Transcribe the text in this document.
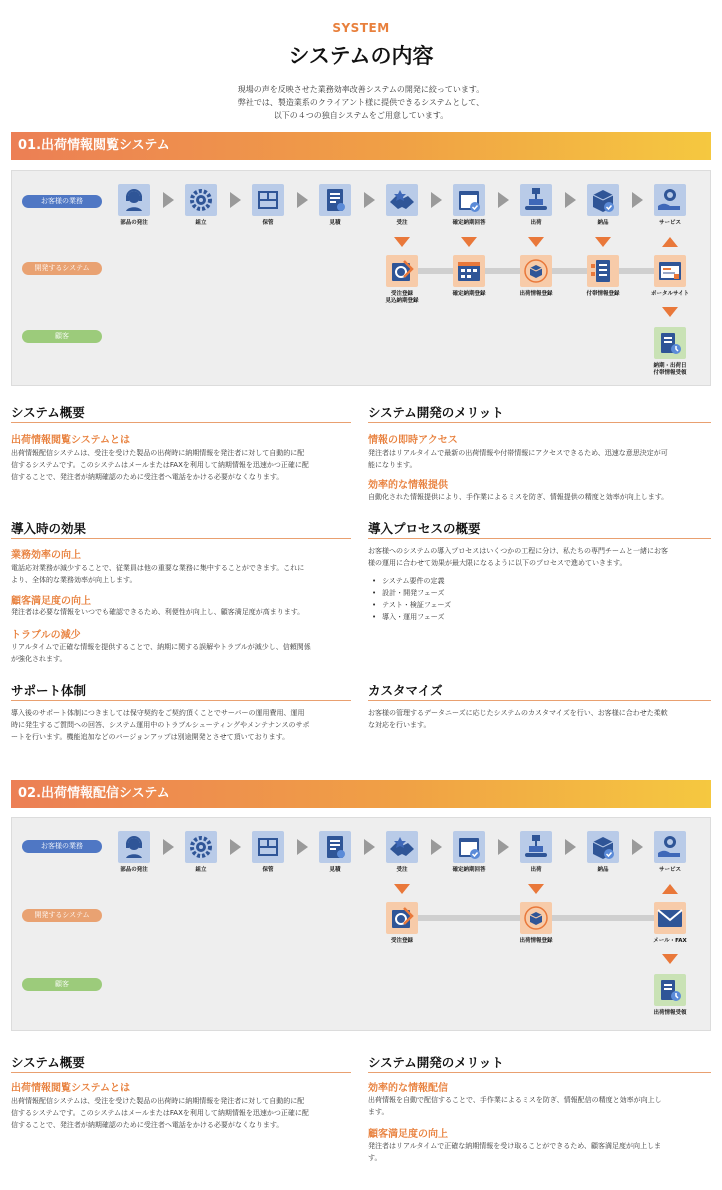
SYSTEM
システムの内容
現場の声を反映させた業務効率改善システムの開発に絞っています。
弊社では、製造業系のクライアント様に提供できるシステムとして、
以下の４つの独自システムをご用意しています。
01.出荷情報閲覧システム
お客様の業務
開発するシステム
顧客
部品の発注	組立	保管	見積	受注	確定納期回答	出荷	納品	サービス
受注登録
見込納期登録
確定納期登録	出荷情報登録	付帯情報登録	ポータルサイト
納期・出荷日
付帯情報受領
システム概要
出荷情報閲覧システムとは
出荷情報配信システムは、受注を受けた製品の出荷時に納期情報を発注者に対して自動的に配
信するシステムです。このシステムはメールまたはFAXを利用して納期情報を迅速かつ正確に配
信することで、発注者が納期確認のために受注者へ電話をかける必要がなくなります。
システム開発のメリット
情報の即時アクセス
発注者はリアルタイムで最新の出荷情報や付帯情報にアクセスできるため、迅速な意思決定が可
能になります。
効率的な情報提供
自動化された情報提供により、手作業によるミスを防ぎ、情報提供の精度と効率が向上します。
導入時の効果
業務効率の向上
電話応対業務が減少することで、従業員は他の重要な業務に集中することができます。これに
より、全体的な業務効率が向上します。
顧客満足度の向上
発注者は必要な情報をいつでも確認できるため、利便性が向上し、顧客満足度が高まります。
トラブルの減少
リアルタイムで正確な情報を提供することで、納期に関する誤解やトラブルが減少し、信頼関係
が強化されます。
導入プロセスの概要
お客様へのシステムの導入プロセスはいくつかの工程に分け、私たちの専門チームと一緒にお客
様の運用に合わせて効果が最大限になるように以下のプロセスで進めていきます。
• システム要件の定義
• 設計・開発フェーズ
• テスト・検証フェーズ
• 導入・運用フェーズ
サポート体制
導入後のサポート体制につきましては保守契約をご契約頂くことでサーバーの運用費用、運用
時に発生するご質問への回答、システム運用中のトラブルシューティングやメンテナンスのサポ
ートを行います。機能追加などのバージョンアップは別途開発とさせて頂いております。
カスタマイズ
お客様の管理するデータニーズに応じたシステムのカスタマイズを行い、お客様に合わせた柔軟
な対応を行います。
02.出荷情報配信システム
お客様の業務
開発するシステム
顧客
部品の発注	組立	保管	見積	受注	確定納期回答	出荷	納品	サービス
受注登録	出荷情報登録	メール・FAX
出荷情報受領
システム概要
出荷情報閲覧システムとは
出荷情報配信システムは、受注を受けた製品の出荷時に納期情報を発注者に対して自動的に配
信するシステムです。このシステムはメールまたはFAXを利用して納期情報を迅速かつ正確に配
信することで、発注者が納期確認のために受注者へ電話をかける必要がなくなります。
システム開発のメリット
効率的な情報配信
出荷情報を自動で配信することで、手作業によるミスを防ぎ、情報配信の精度と効率が向上し
ます。
顧客満足度の向上
発注者はリアルタイムで正確な納期情報を受け取ることができるため、顧客満足度が向上しま
す。
